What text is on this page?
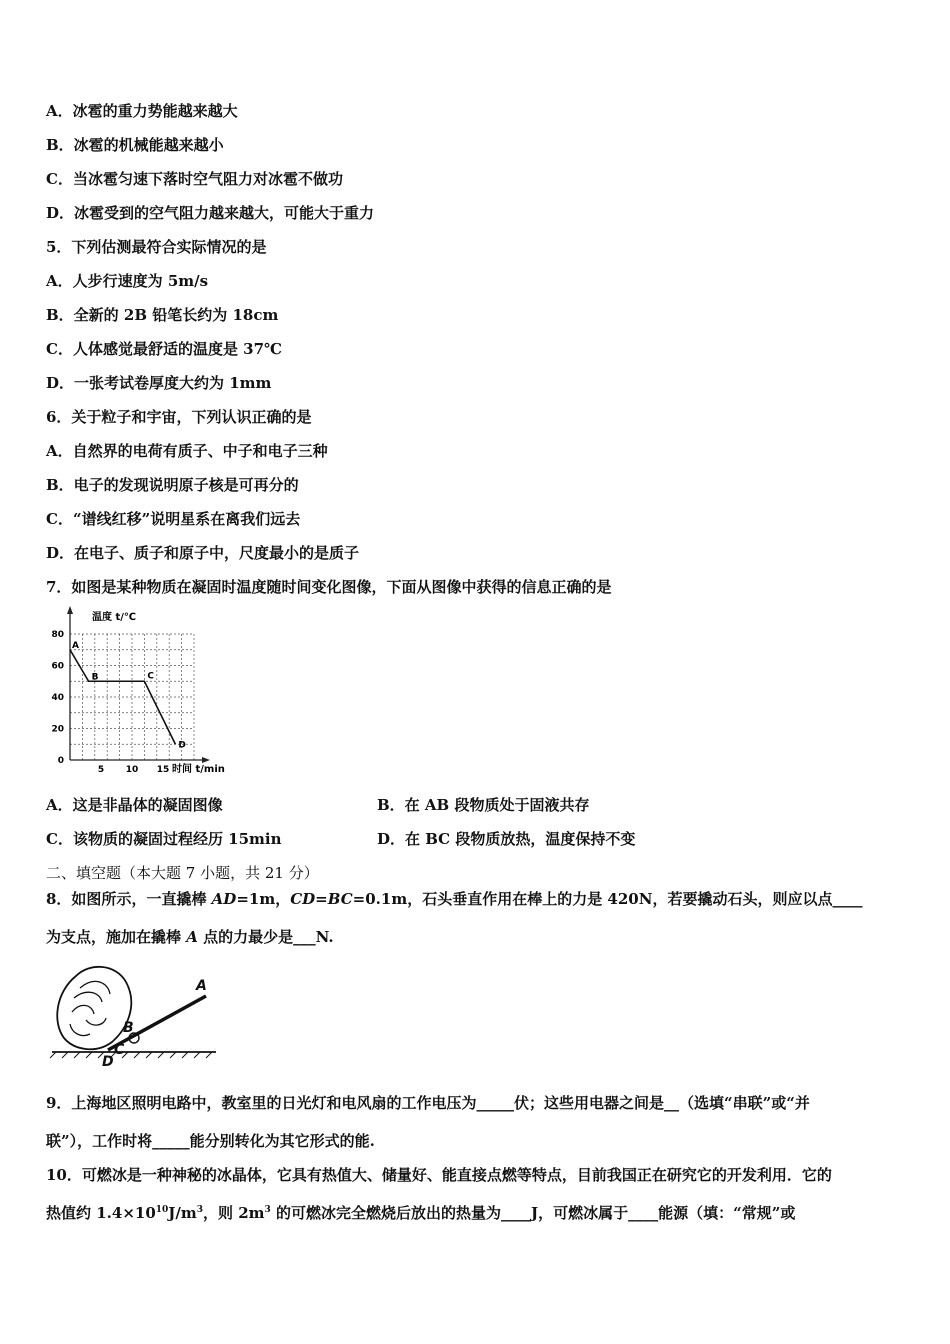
A．冰雹的重力势能越来越大
B．冰雹的机械能越来越小
C．当冰雹匀速下落时空气阻力对冰雹不做功
D．冰雹受到的空气阻力越来越大，可能大于重力
5．下列估测最符合实际情况的是
A．人步行速度为 5m/s
B．全新的 2B 铅笔长约为 18cm
C．人体感觉最舒适的温度是 37℃
D．一张考试卷厚度大约为 1mm
6．关于粒子和宇宙，下列认识正确的是
A．自然界的电荷有质子、中子和电子三种
B．电子的发现说明原子核是可再分的
C．“谱线红移”说明星系在离我们远去
D．在电子、质子和原子中，尺度最小的是质子
7．如图是某种物质在凝固时温度随时间变化图像，下面从图像中获得的信息正确的是
0
20
40
60
80
5 10 15
A
B	C
D
温度 t/℃
时间 t/min
A．这是非晶体的凝固图像	B．在 AB 段物质处于固液共存
C．该物质的凝固过程经历 15min	D．在 BC 段物质放热，温度保持不变
二、填空题（本大题 7 小题，共 21 分）
8．如图所示，一直撬棒 AD=1m，CD=BC=0.1m，石头垂直作用在棒上的力是 420N，若要撬动石头，则应以点____
为支点，施加在撬棒 A 点的力最少是___N.
A
B
C
D
9．上海地区照明电路中，教室里的日光灯和电风扇的工作电压为_____伏；这些用电器之间是__（选填“串联”或“并
联”），工作时将_____能分别转化为其它形式的能.
10．可燃冰是一种神秘的冰晶体，它具有热值大、储量好、能直接点燃等特点，目前我国正在研究它的开发利用．它的
热值约 $1.4\times 10^{10}J/m^3$，则 $2m^3$ 的可燃冰完全燃烧后放出的热量为____J，可燃冰属于____能源（填：“常规”或
